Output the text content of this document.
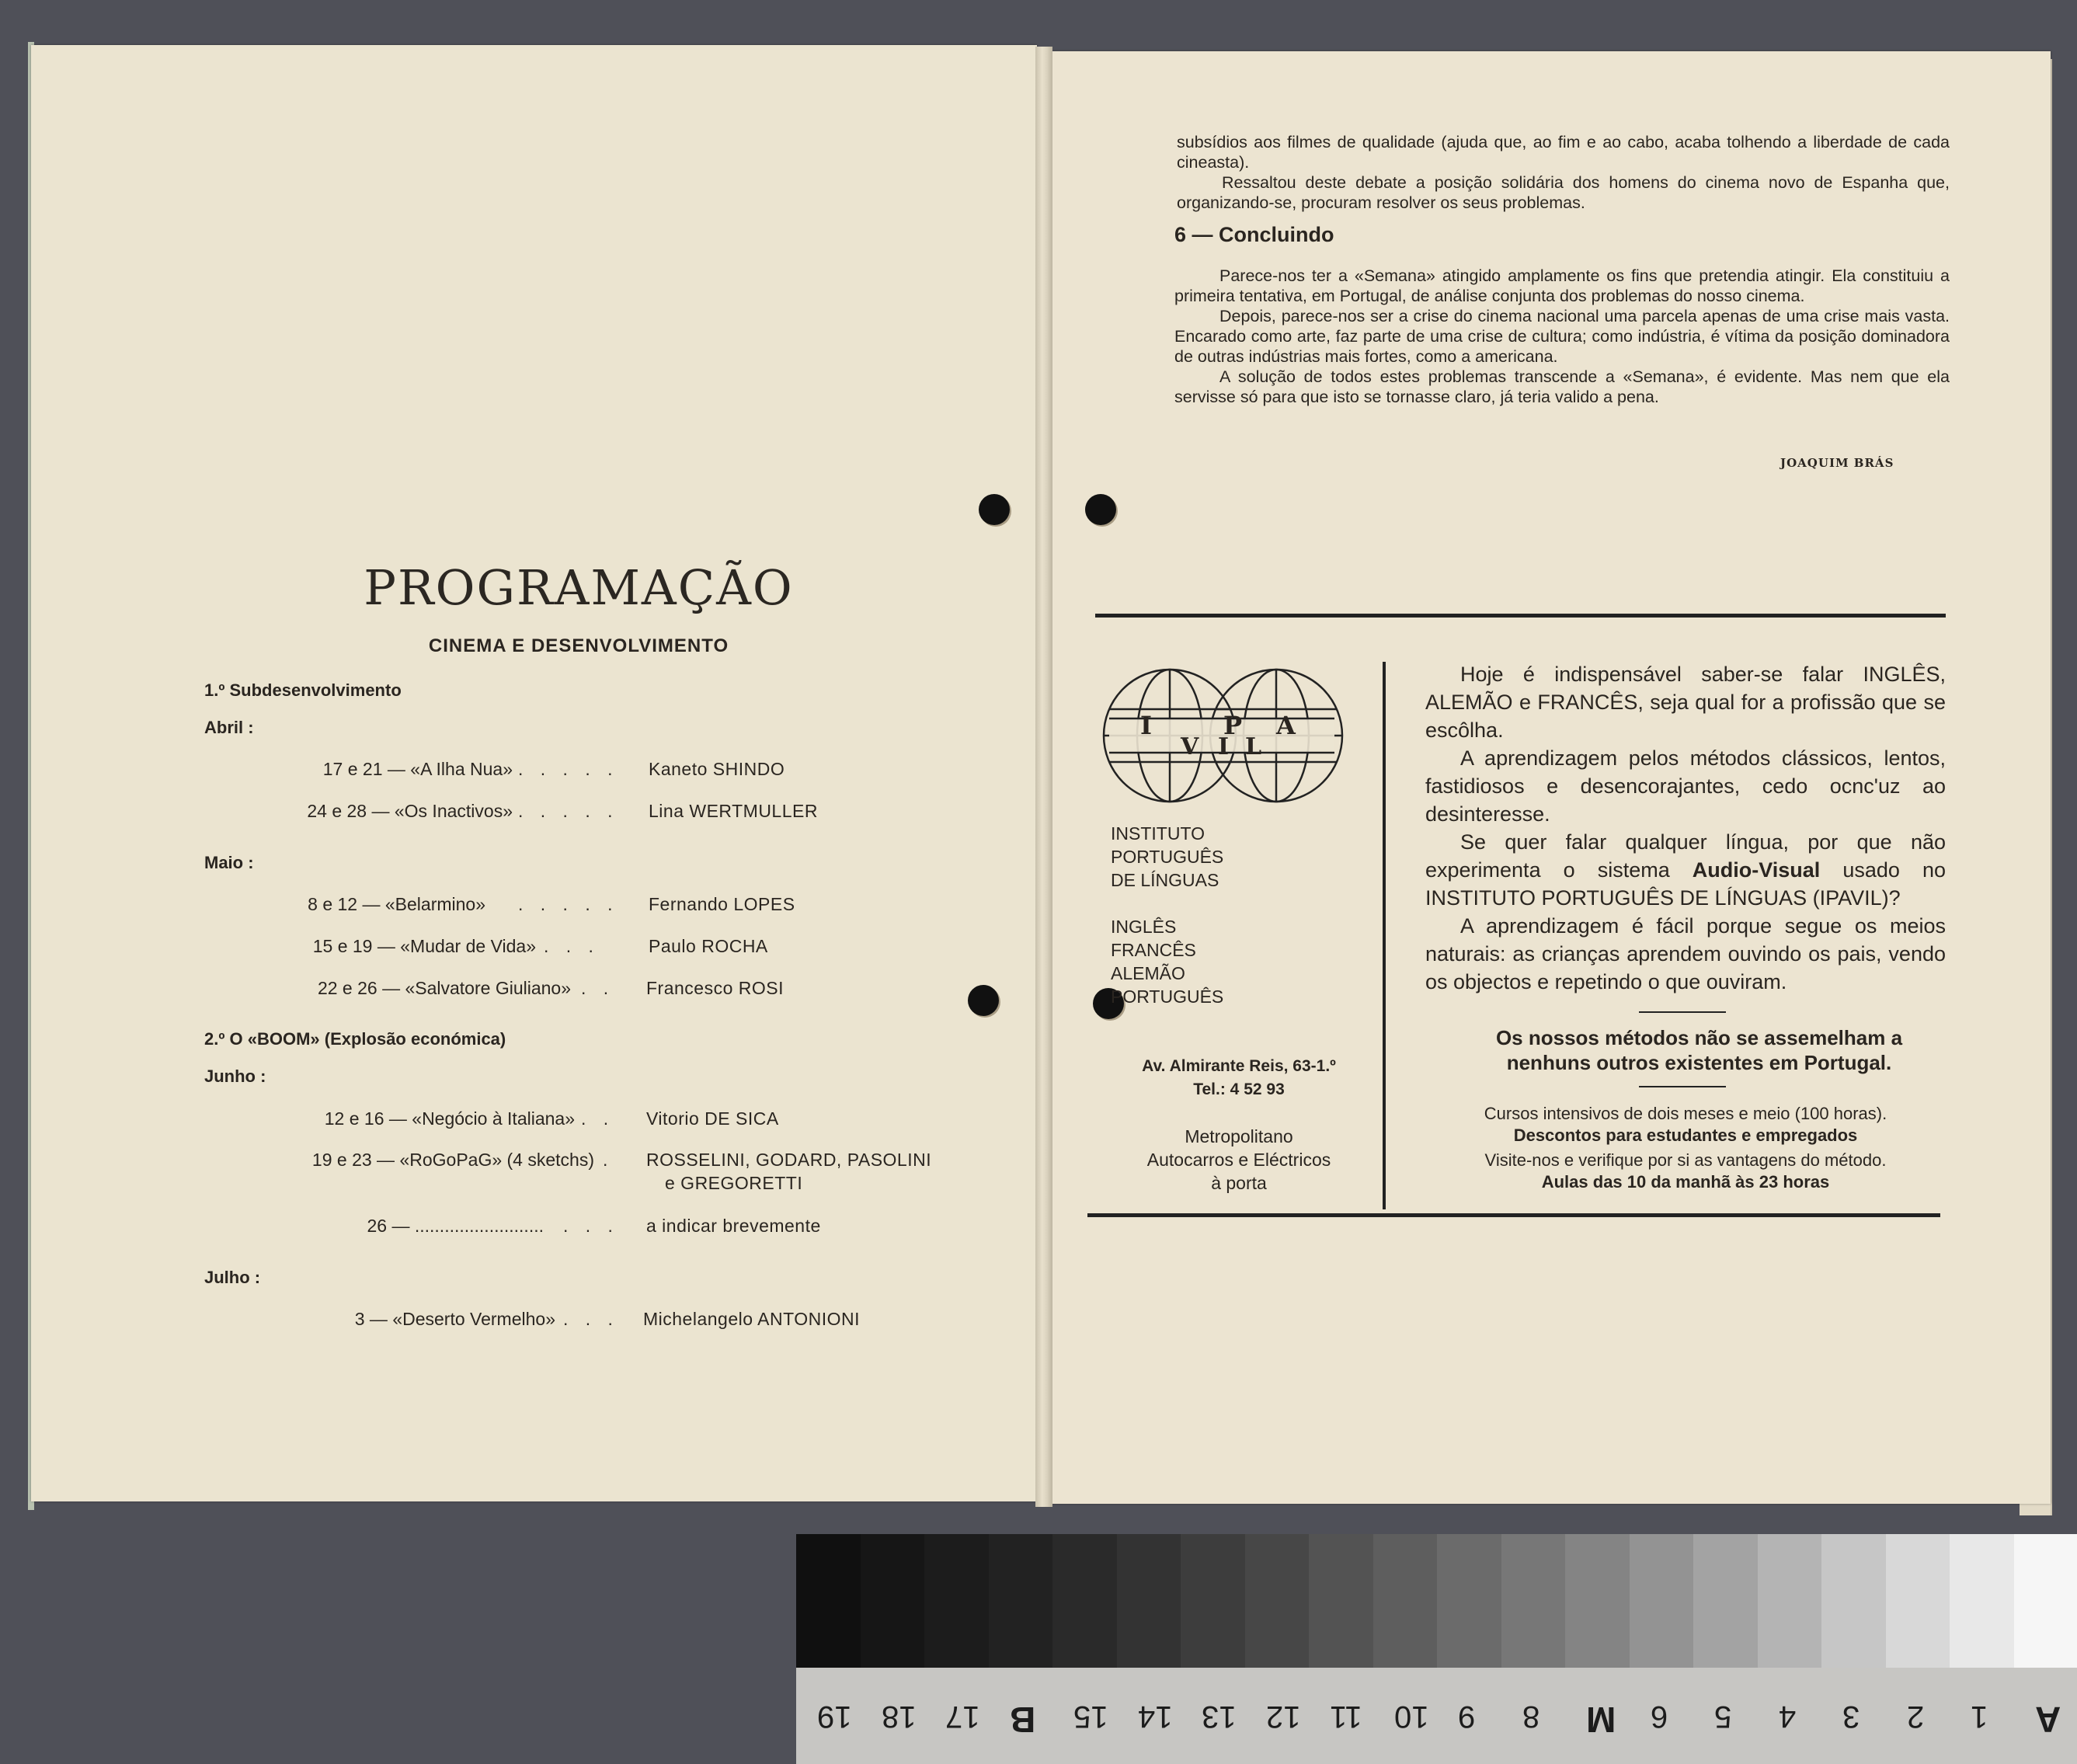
PROGRAMAÇÃO
CINEMA E DESENVOLVIMENTO
1.º Subdesenvolvimento
Abril :
17 e 21 — «A Ilha Nua» . . . . . Kaneto SHINDO
24 e 28 — «Os Inactivos» . . . . . Lina WERTMULLER
Maio :
8 e 12 — «Belarmino» . . . . . Fernando LOPES
15 e 19 — «Mudar de Vida» . . .	Paulo ROCHA
22 e 26 — «Salvatore Giuliano» . . Francesco ROSI
2.º O «BOOM» (Explosão económica)
Junho :
12 e 16 — «Negócio à Italiana» . . Vitorio DE SICA
19 e 23 — «RoGoPaG» (4 sketchs) . ROSSELINI, GODARD, PASOLINI
e GREGORETTI
26 — .......................... . . . a indicar brevemente
Julho :
3 — «Deserto Vermelho» . . . Michelangelo ANTONIONI

subsídios aos filmes de qualidade (ajuda que, ao fim e ao cabo, acaba tolhendo a liberdade de cada cineasta).

Ressaltou deste debate a posição solidária dos homens do cinema novo de Espanha que, organizando-se, procuram resolver os seus problemas.

6 — Concluindo

Parece-nos ter a «Semana» atingido amplamente os fins que pretendia atingir. Ela constituiu a primeira tentativa, em Portugal, de análise conjunta dos problemas do nosso cinema.

Depois, parece-nos ser a crise do cinema nacional uma parcela apenas de uma crise mais vasta. Encarado como arte, faz parte de uma crise de cultura; como indústria, é vítima da posição dominadora de outras indústrias mais fortes, como a americana.

A solução de todos estes problemas transcende a «Semana», é evidente. Mas nem que ela servisse só para que isto se tornasse claro, já teria valido a pena.

JOAQUIM BRÁS
I	P A
V I L
INSTITUTO
PORTUGUÊS
DE LÍNGUAS
INGLÊS
FRANCÊS
ALEMÃO
PORTUGUÊS
Av. Almirante Reis, 63-1.º
Tel.: 4 52 93
Metropolitano
Autocarros e Eléctricos
à porta

Hoje é indispensável saber-se falar INGLÊS, ALEMÃO e FRANCÊS, seja qual for a profissão que se escôlha.

A aprendizagem pelos métodos clássicos, lentos, fastidiosos e desencorajantes, cedo ocnc'uz ao desinteresse.

Se quer falar qualquer língua, por que não experimenta o sistema Audio-Visual usado no INSTITUTO PORTUGUÊS DE LÍNGUAS (IPAVIL)?

A aprendizagem é fácil porque segue os meios naturais: as crianças aprendem ouvindo os pais, vendo os objectos e repetindo o que ouviram.

Os nossos métodos não se assemelham a nenhuns outros existentes em Portugal.
Cursos intensivos de dois meses e meio (100 horas).
Descontos para estudantes e empregados
Visite-nos e verifique por si as vantagens do método.
Aulas das 10 da manhã às 23 horas
A
1
2
3
4
5
6
M
8
9
10
11
12
13
14
15
B
17
18
19
